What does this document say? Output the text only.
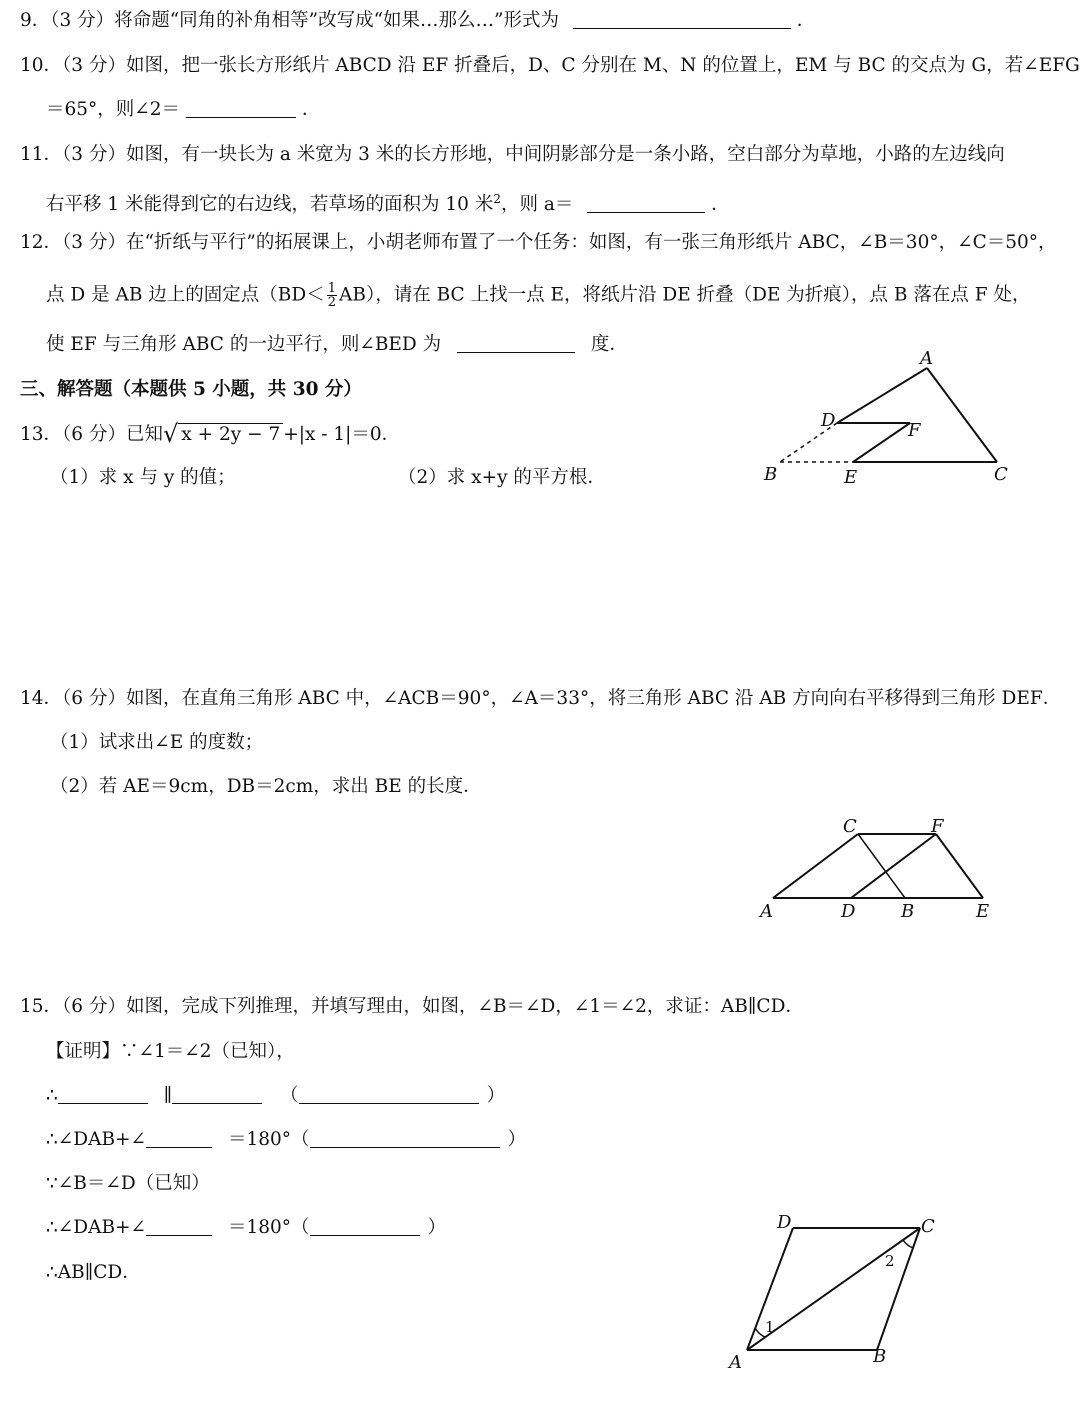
9．（3 分）将命题“同角的补角相等”改写成“如果…那么…”形式为	．
10．（3 分）如图，把一张长方形纸片 ABCD 沿 EF 折叠后，D、C 分别在 M、N 的位置上，EM 与 BC 的交点为 G，若∠EFG
＝65°，则∠2＝	．
11．（3 分）如图，有一块长为 a 米宽为 3 米的长方形地，中间阴影部分是一条小路，空白部分为草地，小路的左边线向
右平移 1 米能得到它的右边线，若草场的面积为 10 米$^2$，则 a＝	．
12．（3 分）在“折纸与平行”的拓展课上，小胡老师布置了一个任务：如图，有一张三角形纸片 ABC，∠B＝30°，∠C＝50°，
点 D 是 AB 边上的固定点$(BD< \frac{1}{2} AB)$，请在 BC 上找一点 E，将纸片沿 DE 折叠（DE 为折痕），点 B 落在点 F 处，
使 EF 与三角形 ABC 的一边平行，则∠BED 为	度．
A
D	F
B	E	C
三、解答题（本题供 5 小题，共 30 分）
13．（6 分）已知√ x + 2y − 7 +|x - 1|＝0．
（1）求 x 与 y 的值；	（2）求 x+y 的平方根．
14．（6 分）如图，在直角三角形 ABC 中，∠ACB＝90°，∠A＝33°，将三角形 ABC 沿 AB 方向向右平移得到三角形 DEF．
（1）试求出∠E 的度数；
（2）若 AE＝9cm，DB＝2cm，求出 BE 的长度．
C	F
A	D	B	E
15．（6 分）如图，完成下列推理，并填写理由，如图，∠B＝∠D，∠1＝∠2，求证：AB∥CD．
【证明】∵∠1＝∠2（已知），
∴	∥	（	）
∴∠DAB+∠	＝180°（	）
∵∠B＝∠D（已知）
∴∠DAB+∠	＝180°（	）
∴AB∥CD．
D	C
A	B
1
2
